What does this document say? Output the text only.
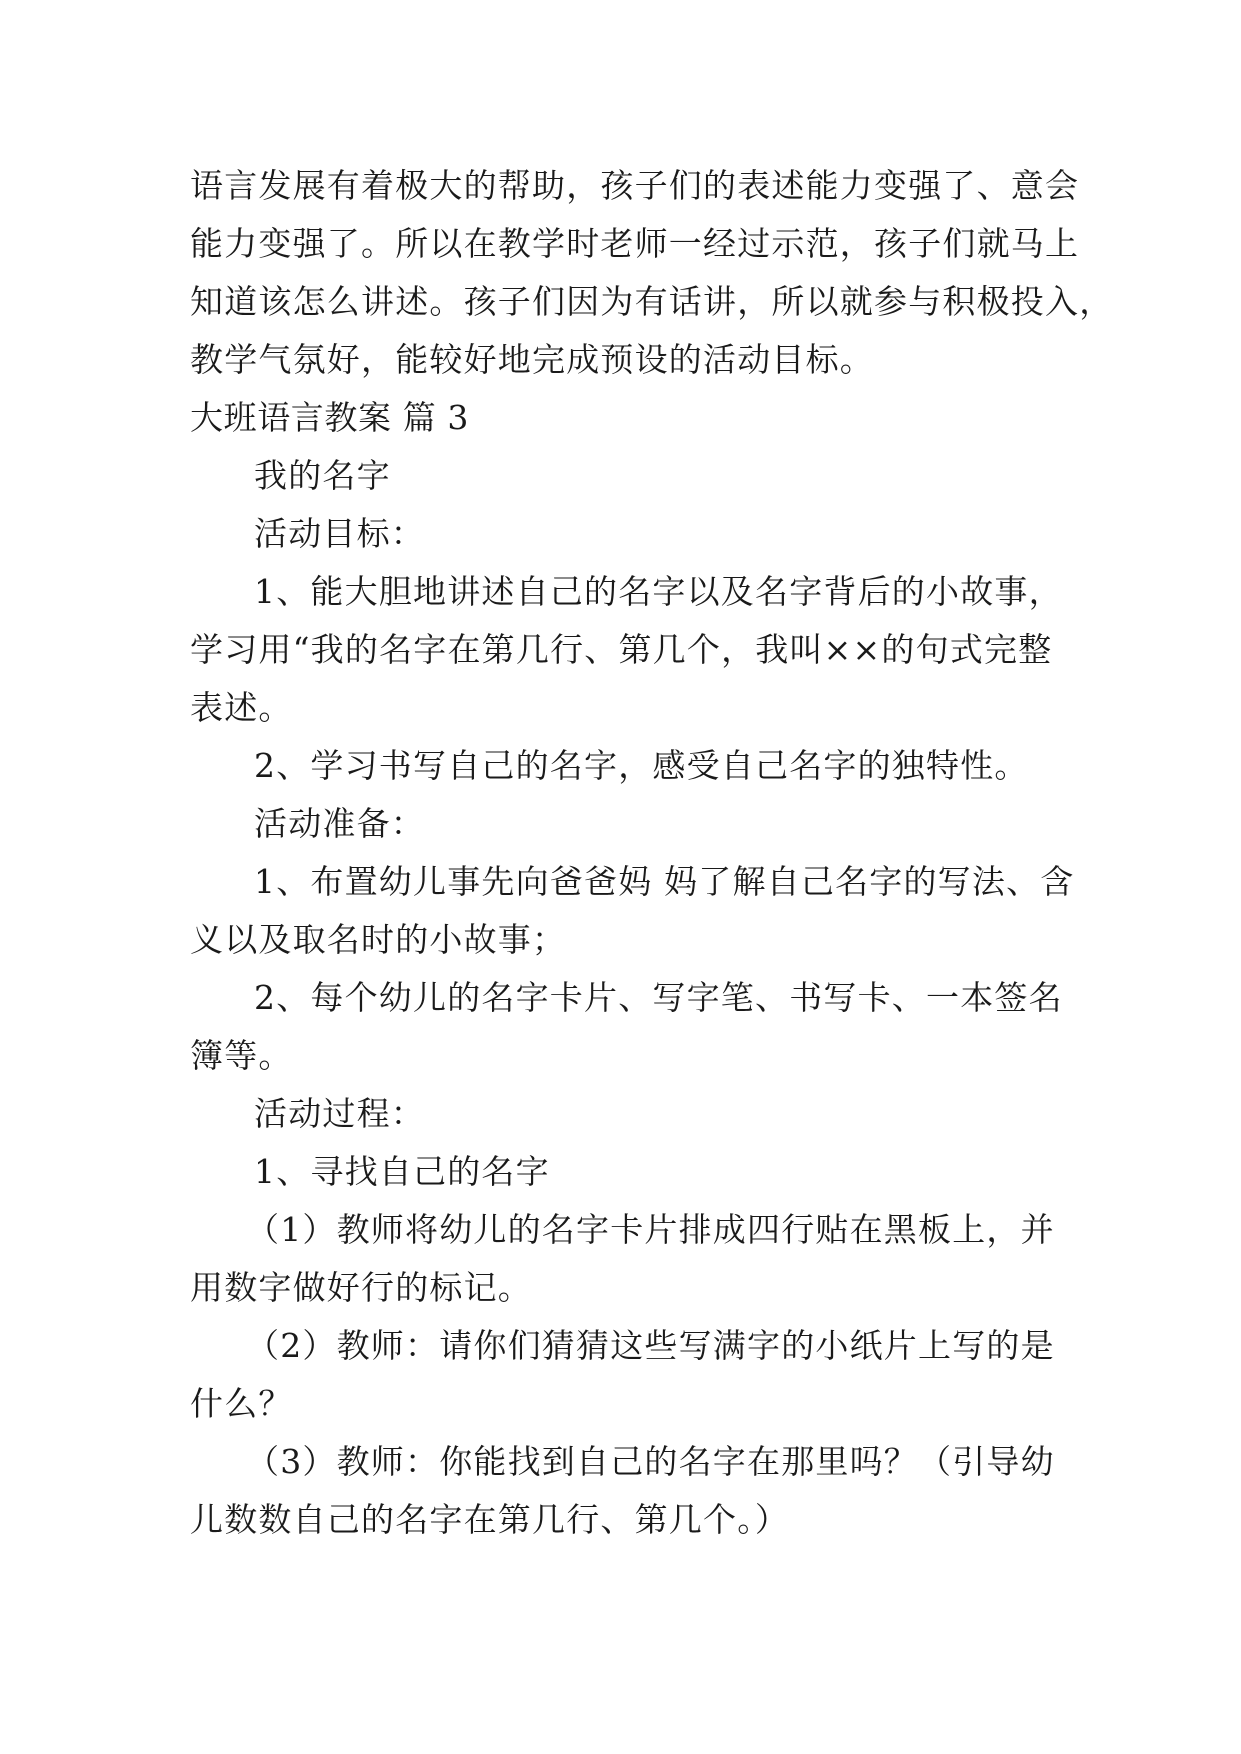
语言发展有着极大的帮助，孩子们的表述能力变强了、意会
能力变强了。所以在教学时老师一经过示范，孩子们就马上
知道该怎么讲述。孩子们因为有话讲，所以就参与积极投入，
教学气氛好，能较好地完成预设的活动目标。
大班语言教案 篇 3
我的名字
活动目标：
1、能大胆地讲述自己的名字以及名字背后的小故事，
学习用“我的名字在第几行、第几个，我叫××的句式完整
表述。
2、学习书写自己的名字，感受自己名字的独特性。
活动准备：
1、布置幼儿事先向爸爸妈 妈了解自己名字的写法、含
义以及取名时的小故事；
2、每个幼儿的名字卡片、写字笔、书写卡、一本签名
簿等。
活动过程：
1、寻找自己的名字
（1）教师将幼儿的名字卡片排成四行贴在黑板上，并
用数字做好行的标记。
（2）教师：请你们猜猜这些写满字的小纸片上写的是
什么？
（3）教师：你能找到自己的名字在那里吗？（引导幼
儿数数自己的名字在第几行、第几个。）
